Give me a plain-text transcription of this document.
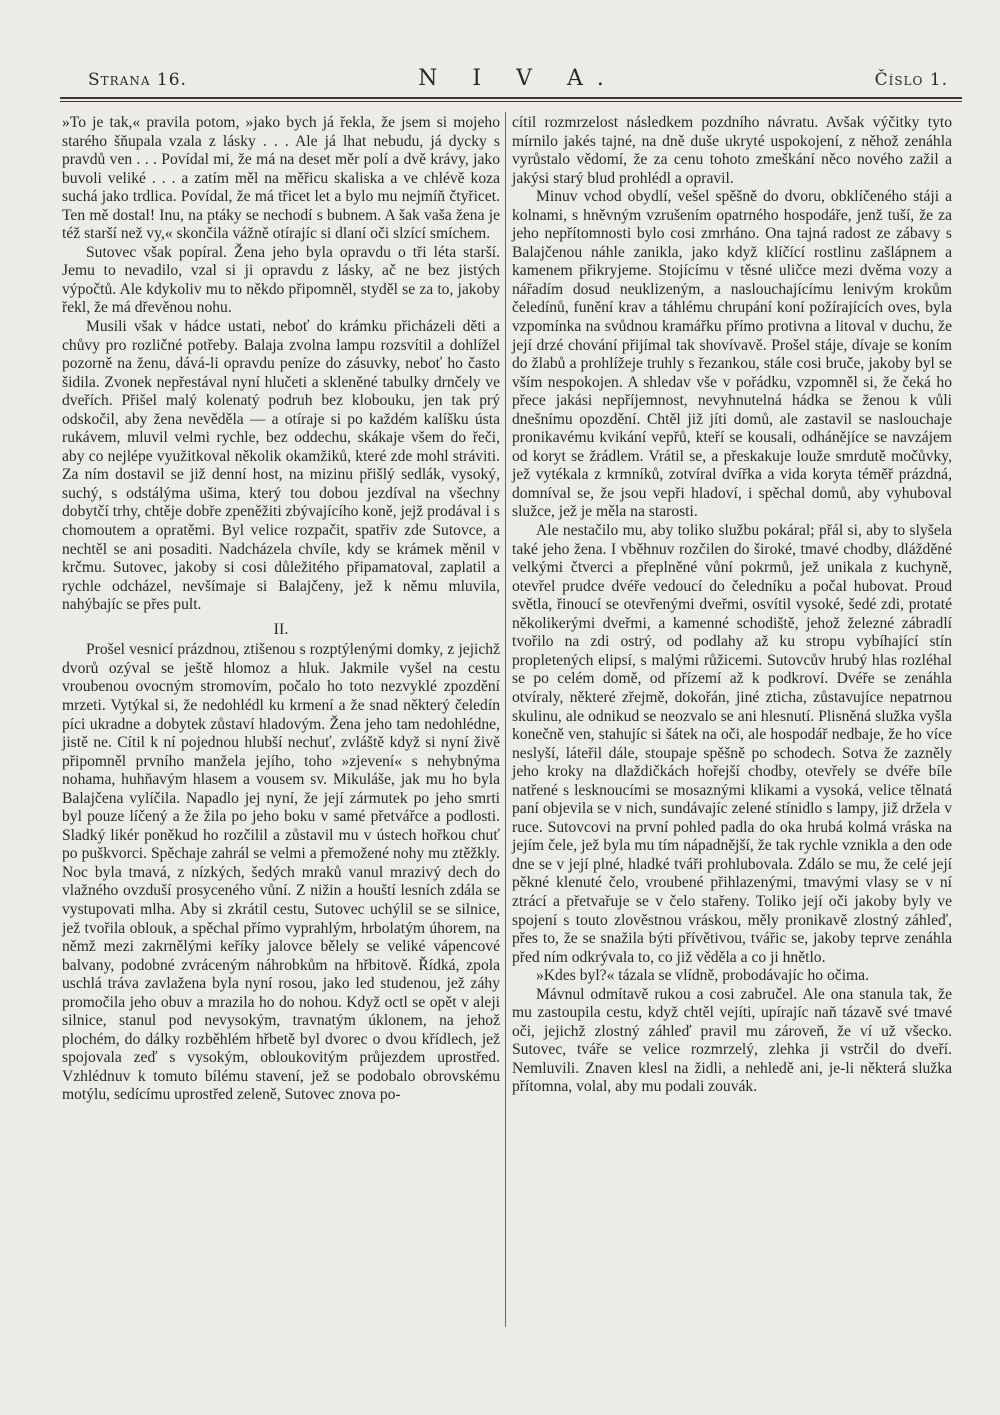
Strana 16.	N I V A.	Číslo 1.

»To je tak,« pravila potom, »jako bych já řekla, že jsem si mojeho starého šňupala vzala z lásky . . . Ale já lhat nebudu, já dycky s pravdů ven . . . Povídal mi, že má na deset měr polí a dvě krávy, jako buvoli veliké . . . a zatím měl na měřicu skaliska a ve chlévě koza suchá jako trdlica. Povídal, že má třicet let a bylo mu nejmíň čtyřicet. Ten mě dostal! Inu, na ptáky se nechodí s bubnem. A šak vaša žena je též starší než vy,« skončila vážně otírajíc si dlaní oči slzící smíchem.

Sutovec však popíral. Žena jeho byla opravdu o tři léta starší. Jemu to nevadilo, vzal si ji opravdu z lásky, ač ne bez jistých výpočtů. Ale kdykoliv mu to někdo připomněl, styděl se za to, jakoby řekl, že má dřevěnou nohu.

Musili však v hádce ustati, neboť do krámku přicházeli děti a chůvy pro rozličné potřeby. Balaja zvolna lampu rozsvítil a dohlížel pozorně na ženu, dává-li opravdu peníze do zásuvky, neboť ho často šidila. Zvonek nepřestával nyní hlučeti a skleněné tabulky drnčely ve dveřích. Přišel malý kolenatý podruh bez klobouku, jen tak prý odskočil, aby žena nevěděla — a otíraje si po každém kalíšku ústa rukávem, mluvil velmi rychle, bez oddechu, skákaje všem do řeči, aby co nejlépe využitkoval několik okamžiků, které zde mohl stráviti. Za ním dostavil se již denní host, na mizinu přišlý sedlák, vysoký, suchý, s odstálýma ušima, který tou dobou jezdíval na všechny dobytčí trhy, chtěje dobře zpeněžiti zbývajícího koně, jejž prodával i s chomoutem a opratěmi. Byl velice rozpačit, spatřiv zde Sutovce, a nechtěl se ani posaditi. Nadcházela chvíle, kdy se krámek měnil v krčmu. Sutovec, jakoby si cosi důležitého připamatoval, zaplatil a rychle odcházel, nevšímaje si Balajčeny, jež k němu mluvila, nahýbajíc se přes pult.

II.

Prošel vesnicí prázdnou, ztišenou s rozptýlenými domky, z jejichž dvorů ozýval se ještě hlomoz a hluk. Jakmile vyšel na cestu vroubenou ovocným stromovím, počalo ho toto nezvyklé zpozdění mrzeti. Vytýkal si, že nedohlédl ku krmení a že snad některý čeledín píci ukradne a dobytek zůstaví hladovým. Žena jeho tam nedohlédne, jistě ne. Cítil k ní pojednou hlubší nechuť, zvláště když si nyní živě připomněl prvního manžela jejího, toho »zjevení« s nehybnýma nohama, huhňavým hlasem a vousem sv. Mikuláše, jak mu ho byla Balajčena vylíčila. Napadlo jej nyní, že její zármutek po jeho smrti byl pouze líčený a že žila po jeho boku v samé přetvářce a podlosti. Sladký likér poněkud ho rozčilil a zůstavil mu v ústech hořkou chuť po puškvorci. Spěchaje zahrál se velmi a přemožené nohy mu ztěžkly. Noc byla tmavá, z nízkých, šedých mraků vanul mrazivý dech do vlažného ovzduší prosyceného vůní. Z nižin a houští lesních zdála se vystupovati mlha. Aby si zkrátil cestu, Sutovec uchýlil se se silnice, jež tvořila oblouk, a spěchal přímo vyprahlým, hrbolatým úhorem, na němž mezi zakrnělými keříky jalovce bělely se veliké vápencové balvany, podobné zvráceným náhrobkům na hřbitově. Řídká, zpola uschlá tráva zavlažena byla nyní rosou, jako led studenou, jež záhy promočila jeho obuv a mrazila ho do nohou. Když octl se opět v aleji silnice, stanul pod nevysokým, travnatým úklonem, na jehož plochém, do dálky rozběhlém hřbetě byl dvorec o dvou křídlech, jež spojovala zeď s vysokým, obloukovitým průjezdem uprostřed. Vzhlédnuv k tomuto bílému stavení, jež se podobalo obrovskému motýlu, sedícímu uprostřed zeleně, Sutovec znova po-

cítil rozmrzelost následkem pozdního návratu. Avšak výčitky tyto mírnilo jakés tajné, na dně duše ukryté uspokojení, z něhož zenáhla vyrůstalo vědomí, že za cenu tohoto zmeškání něco nového zažil a jakýsi starý blud prohlédl a opravil.

Minuv vchod obydlí, vešel spěšně do dvoru, obklíčeného stáji a kolnami, s hněvným vzrušením opatrného hospodáře, jenž tuší, že za jeho nepřítomnosti bylo cosi zmrháno. Ona tajná radost ze zábavy s Balajčenou náhle zanikla, jako když klíčící rostlinu zašlápnem a kamenem přikryjeme. Stojícímu v těsné uličce mezi dvěma vozy a nářadím dosud neuklizeným, a naslouchajícímu lenivým krokům čeledínů, funění krav a táhlému chrupání koní požírajících oves, byla vzpomínka na svůdnou kramářku přímo protivna a litoval v duchu, že její drzé chování přijímal tak shovívavě. Prošel stáje, dívaje se koním do žlabů a prohlížeje truhly s řezankou, stále cosi bruče, jakoby byl se vším nespokojen. A shledav vše v pořádku, vzpomněl si, že čeká ho přece jakási nepříjemnost, nevyhnutelná hádka se ženou k vůli dnešnímu opozdění. Chtěl již jíti domů, ale zastavil se naslouchaje pronikavému kvikání vepřů, kteří se kousali, odhánějíce se navzájem od koryt se žrádlem. Vrátil se, a přeskakuje louže smrdutě močůvky, jež vytékala z krmníků, zotvíral dvířka a vida koryta téměř prázdná, domníval se, že jsou vepři hladoví, i spěchal domů, aby vyhuboval služce, jež je měla na starosti.

Ale nestačilo mu, aby toliko službu pokáral; přál si, aby to slyšela také jeho žena. I vběhnuv rozčilen do široké, tmavé chodby, dlážděné velkými čtverci a přeplněné vůní pokrmů, jež unikala z kuchyně, otevřel prudce dvéře vedoucí do čeledníku a počal hubovat. Proud světla, řinoucí se otevřenými dveřmi, osvítil vysoké, šedé zdi, protaté několikerými dveřmi, a kamenné schodiště, jehož železné zábradlí tvořilo na zdi ostrý, od podlahy až ku stropu vybíhající stín propletených elipsí, s malými růžicemi. Sutovcův hrubý hlas rozléhal se po celém domě, od přízemí až k podkroví. Dvéře se zenáhla otvíraly, některé zřejmě, dokořán, jiné zticha, zůstavujíce nepatrnou skulinu, ale odnikud se neozvalo se ani hlesnutí. Plisněná služka vyšla konečně ven, stahujíc si šátek na oči, ale hospodář nedbaje, že ho více neslyší, láteřil dále, stoupaje spěšně po schodech. Sotva že zazněly jeho kroky na dlaždičkách hořejší chodby, otevřely se dvéře bíle natřené s lesknoucími se mosaznými klikami a vysoká, velice tělnatá paní objevila se v nich, sundávajíc zelené stínidlo s lampy, již držela v ruce. Sutovcovi na první pohled padla do oka hrubá kolmá vráska na jejím čele, jež byla mu tím nápadnější, že tak rychle vznikla a den ode dne se v její plné, hladké tváři prohlubovala. Zdálo se mu, že celé její pěkné klenuté čelo, vroubené přihlazenými, tmavými vlasy se v ní ztrácí a přetvařuje se v čelo stařeny. Toliko její oči jakoby byly ve spojení s touto zlověstnou vráskou, měly pronikavě zlostný záhleď, přes to, že se snažila býti přívětivou, tvářic se, jakoby teprve zenáhla před ním odkrývala to, co již věděla a co ji hnětlo.

»Kdes byl?« tázala se vlídně, probodávajíc ho očima.

Mávnul odmítavě rukou a cosi zabručel. Ale ona stanula tak, že mu zastoupila cestu, když chtěl vejíti, upírajíc naň tázavě své tmavé oči, jejichž zlostný záhleď pravil mu zároveň, že ví už všecko. Sutovec, tváře se velice rozmrzelý, zlehka ji vstrčil do dveří. Nemluvili. Znaven klesl na židli, a nehledě ani, je-li některá služka přítomna, volal, aby mu podali zouvák.
